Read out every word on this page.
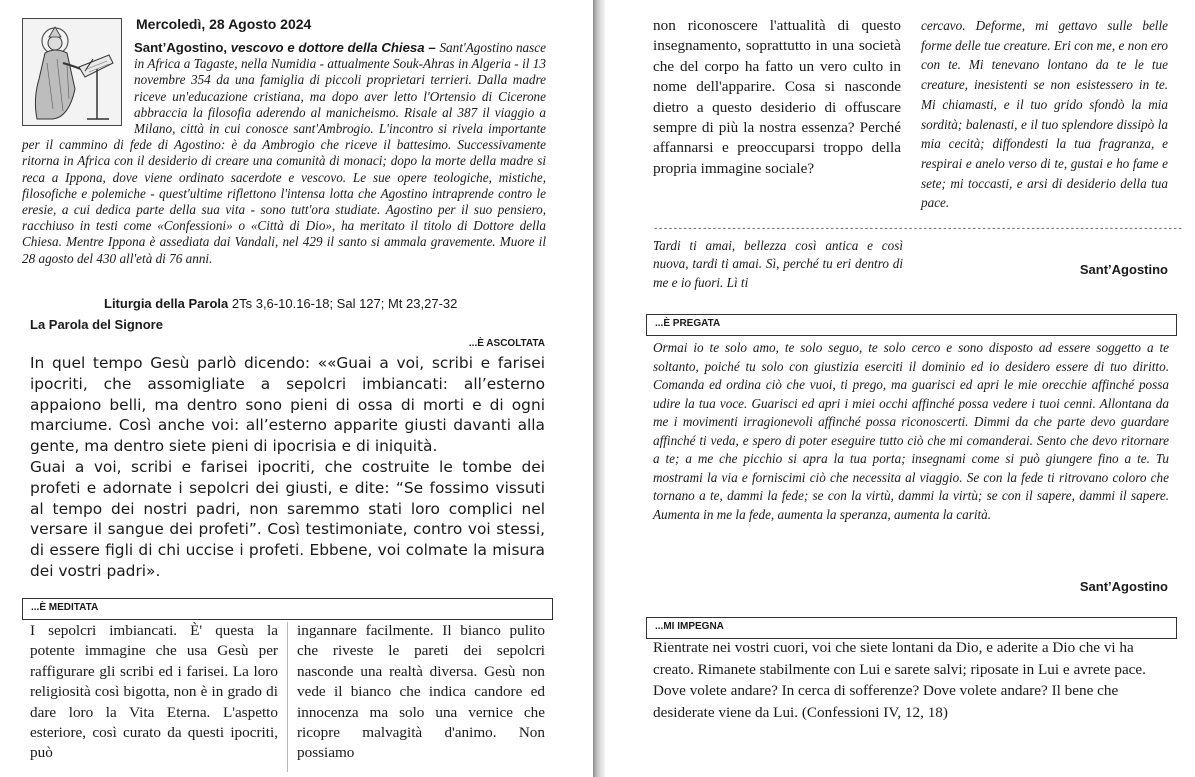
Mercoledì, 28 Agosto 2024
Sant’Agostino, vescovo e dottore della Chiesa – Sant'Agostino nasce in Africa a Tagaste, nella Numidia - attualmente Souk-Ahras in Algeria - il 13 novembre 354 da una famiglia di piccoli proprietari terrieri. Dalla madre riceve un'educazione cristiana, ma dopo aver letto l'Ortensio di Cicerone abbraccia la filosofia aderendo al manicheismo. Risale al 387 il viaggio a Milano, città in cui conosce sant'Ambrogio. L'incontro si rivela importante per il cammino di fede di Agostino: è da Ambrogio che riceve il battesimo. Successivamente ritorna in Africa con il desiderio di creare una comunità di monaci; dopo la morte della madre si reca a Ippona, dove viene ordinato sacerdote e vescovo. Le sue opere teologiche, mistiche, filosofiche e polemiche - quest'ultime riflettono l'intensa lotta che Agostino intraprende contro le eresie, a cui dedica parte della sua vita - sono tutt'ora studiate. Agostino per il suo pensiero, racchiuso in testi come «Confessioni» o «Città di Dio», ha meritato il titolo di Dottore della Chiesa. Mentre Ippona è assediata dai Vandali, nel 429 il santo si ammala gravemente. Muore il 28 agosto del 430 all'età di 76 anni.
Liturgia della Parola 2Ts 3,6-10.16-18; Sal 127; Mt 23,27-32
La Parola del Signore
...È ASCOLTATA

In quel tempo Gesù parlò dicendo: ««Guai a voi, scribi e farisei ipocriti, che assomigliate a sepolcri imbiancati: all’esterno appaiono belli, ma dentro sono pieni di ossa di morti e di ogni marciume. Così anche voi: all’esterno apparite giusti davanti alla gente, ma dentro siete pieni di ipocrisia e di iniquità.

Guai a voi, scribi e farisei ipocriti, che costruite le tombe dei profeti e adornate i sepolcri dei giusti, e dite: “Se fossimo vissuti al tempo dei nostri padri, non saremmo stati loro complici nel versare il sangue dei profeti”. Così testimoniate, contro voi stessi, di essere figli di chi uccise i profeti. Ebbene, voi colmate la misura dei vostri padri».

...È MEDITATA
I sepolcri imbiancati. È' questa la potente immagine che usa Gesù per raffigurare gli scribi ed i farisei. La loro religiosità così bigotta, non è in grado di dare loro la Vita Eterna. L'aspetto esteriore, così curato da questi ipocriti, può
ingannare facilmente. Il bianco pulito che riveste le pareti dei sepolcri nasconde una realtà diversa. Gesù non vede il bianco che indica candore ed innocenza ma solo una vernice che ricopre malvagità d'animo. Non possiamo
non riconoscere l'attualità di questo insegnamento, soprattutto in una società che del corpo ha fatto un vero culto in nome dell'apparire. Cosa si nasconde dietro a questo desiderio di offuscare sempre di più la nostra essenza? Perché affannarsi e preoccuparsi troppo della propria immagine sociale?
------------------------------------------------------------------------------------------------------------
Tardi ti amai, bellezza così antica e così nuova, tardi ti amai. Sì, perché tu eri dentro di me e io fuori. Lì ti
cercavo. Deforme, mi gettavo sulle belle forme delle tue creature. Eri con me, e non ero con te. Mi tenevano lontano da te le tue creature, inesistenti se non esistessero in te. Mi chiamasti, e il tuo grido sfondò la mia sordità; balenasti, e il tuo splendore dissipò la mia cecità; diffondesti la tua fragranza, e respirai e anelo verso di te, gustai e ho fame e sete; mi toccasti, e arsi di desiderio della tua pace.
Sant’Agostino
...È PREGATA
Ormai io te solo amo, te solo seguo, te solo cerco e sono disposto ad essere soggetto a te soltanto, poiché tu solo con giustizia eserciti il dominio ed io desidero essere di tuo diritto. Comanda ed ordina ciò che vuoi, ti prego, ma guarisci ed apri le mie orecchie affinché possa udire la tua voce. Guarisci ed apri i miei occhi affinché possa vedere i tuoi cenni. Allontana da me i movimenti irragionevoli affinché possa riconoscerti. Dimmi da che parte devo guardare affinché ti veda, e spero di poter eseguire tutto ciò che mi comanderai. Sento che devo ritornare a te; a me che picchio si apra la tua porta; insegnami come si può giungere fino a te. Tu mostrami la via e forniscimi ciò che necessita al viaggio. Se con la fede ti ritrovano coloro che tornano a te, dammi la fede; se con la virtù, dammi la virtù; se con il sapere, dammi il sapere. Aumenta in me la fede, aumenta la speranza, aumenta la carità.
Sant’Agostino
...MI IMPEGNA
Rientrate nei vostri cuori, voi che siete lontani da Dio, e aderite a Dio che vi ha creato. Rimanete stabilmente con Lui e sarete salvi; riposate in Lui e avrete pace. Dove volete andare? In cerca di sofferenze? Dove volete andare? Il bene che desiderate viene da Lui. (Confessioni IV, 12, 18)
